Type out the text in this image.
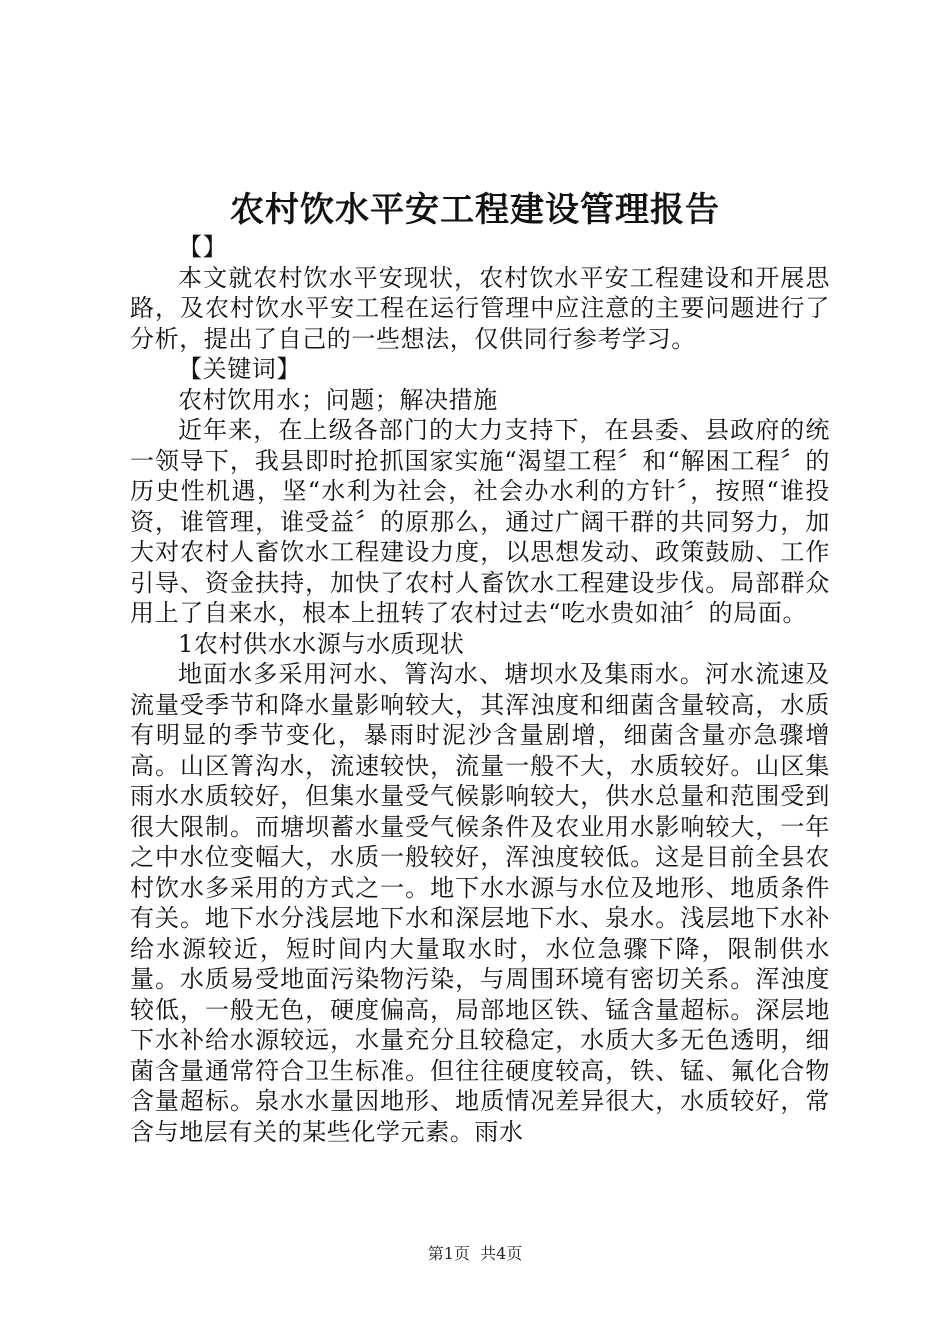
农村饮水平安工程建设管理报告

【】

本文就农村饮水平安现状，农村饮水平安工程建设和开展思路，及农村饮水平安工程在运行管理中应注意的主要问题进行了分析，提出了自己的一些想法，仅供同行参考学习。

【关键词】

农村饮用水；问题；解决措施

近年来，在上级各部门的大力支持下，在县委、县政府的统一领导下，我县即时抢抓国家实施“渴望工程〞和“解困工程〞的历史性机遇，坚“水利为社会，社会办水利的方针〞，按照“谁投资，谁管理，谁受益〞的原那么，通过广阔干群的共同努力，加大对农村人畜饮水工程建设力度，以思想发动、政策鼓励、工作引导、资金扶持，加快了农村人畜饮水工程建设步伐。局部群众用上了自来水，根本上扭转了农村过去“吃水贵如油〞的局面。

1农村供水水源与水质现状

地面水多采用河水、箐沟水、塘坝水及集雨水。河水流速及流量受季节和降水量影响较大，其浑浊度和细菌含量较高，水质有明显的季节变化，暴雨时泥沙含量剧增，细菌含量亦急骤增高。山区箐沟水，流速较快，流量一般不大，水质较好。山区集雨水水质较好，但集水量受气候影响较大，供水总量和范围受到很大限制。而塘坝蓄水量受气候条件及农业用水影响较大，一年之中水位变幅大，水质一般较好，浑浊度较低。这是目前全县农村饮水多采用的方式之一。地下水水源与水位及地形、地质条件有关。地下水分浅层地下水和深层地下水、泉水。浅层地下水补给水源较近，短时间内大量取水时，水位急骤下降，限制供水量。水质易受地面污染物污染，与周围环境有密切关系。浑浊度较低，一般无色，硬度偏高，局部地区铁、锰含量超标。深层地下水补给水源较远，水量充分且较稳定，水质大多无色透明，细菌含量通常符合卫生标准。但往往硬度较高，铁、锰、氟化合物含量超标。泉水水量因地形、地质情况差异很大，水质较好，常含与地层有关的某些化学元素。雨水

第1页 共4页
